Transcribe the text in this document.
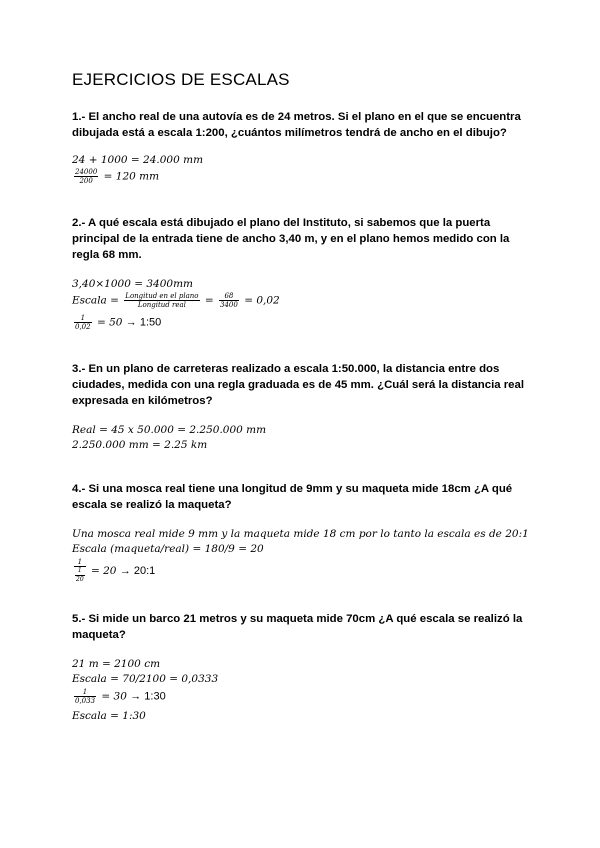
EJERCICIOS DE ESCALAS
1.- El ancho real de una autovía es de 24 metros. Si el plano en el que se encuentra dibujada está a escala 1:200, ¿cuántos milímetros tendrá de ancho en el dibujo?
24 + 1000 = 24.000 mm
$\frac{24000}{200} = 120$ mm
2.- A qué escala está dibujado el plano del Instituto, si sabemos que la puerta principal de la entrada tiene de ancho 3,40 m, y en el plano hemos medido con la regla 68 mm.
3,40×1000 = 3400mm
Escala = $\frac{\text{Longitud en el plano}}{\text{Longitud real}} = \frac{68}{3400} = 0,02$
$\frac{1}{0,02} = 50$ → 1:50
3.- En un plano de carreteras realizado a escala 1:50.000, la distancia entre dos ciudades, medida con una regla graduada es de 45 mm. ¿Cuál será la distancia real expresada en kilómetros?
Real = 45 x 50.000 = 2.250.000 mm
2.250.000 mm = 2.25 km
4.- Si una mosca real tiene una longitud de 9mm y su maqueta mide 18cm ¿A qué escala se realizó la maqueta?
Una mosca real mide 9 mm y la maqueta mide 18 cm por lo tanto la escala es de 20:1
Escala (maqueta/real) = 180/9 = 20
$\frac{1}{\frac{1}{20}} = 20$ → 20:1
5.- Si mide un barco 21 metros y su maqueta mide 70cm ¿A qué escala se realizó la maqueta?
21 m = 2100 cm
Escala = 70/2100 = 0,0333
$\frac{1}{0,033} = 30$ → 1:30
Escala = 1:30
